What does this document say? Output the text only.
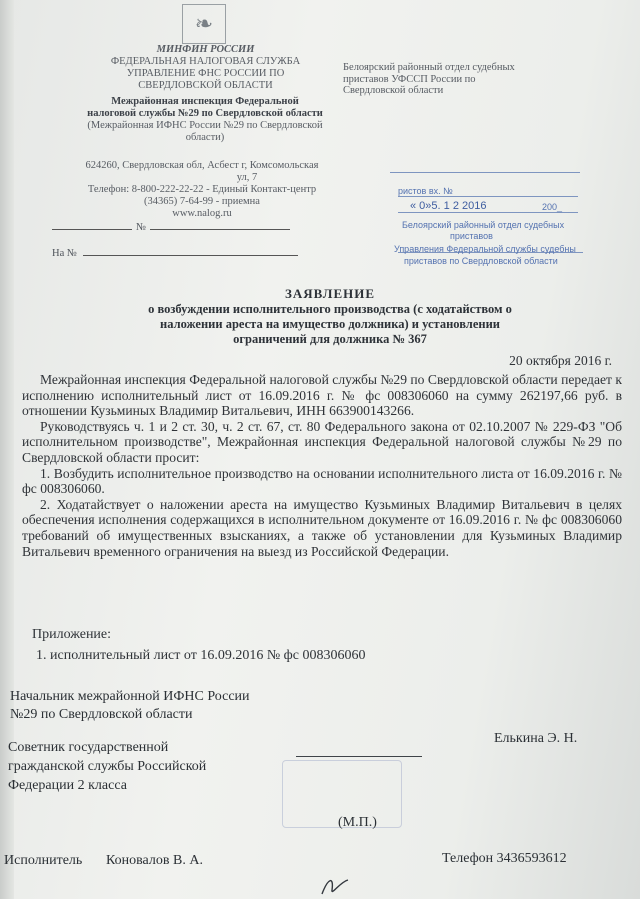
❧
МИНФИН РОССИИ
ФЕДЕРАЛЬНАЯ НАЛОГОВАЯ СЛУЖБА
УПРАВЛЕНИЕ ФНС РОССИИ ПО
СВЕРДЛОВСКОЙ ОБЛАСТИ
Межрайонная инспекция Федеральной
налоговой службы №29 по Свердловской области
(Межрайонная ИФНС России №29 по Свердловской
области)
624260, Свердловская обл, Асбест г, Комсомольская
ул, 7
Телефон: 8-800-222-22-22 - Единый Контакт-центр
(34365) 7-64-99 - приемна
www.nalog.ru
№
На №
Белоярский районный отдел судебных
приставов УФССП России по
Свердловской области
ристов вх. №
« 0»5. 1 2 2016	200_
Белоярский районный отдел судебных
приставов
Управления Федеральной службы судебны
приставов по Свердловской области
ЗАЯВЛЕНИЕ
о возбуждении исполнительного производства (с ходатайством о
наложении ареста на имущество должника) и установлении
ограничений для должника № 367
20 октября 2016 г.

Межрайонная инспекция Федеральной налоговой службы №29 по Свердловской области передает к исполнению исполнительный лист от 16.09.2016 г. № фс 008306060 на сумму 262197,66 руб. в отношении Кузьминых Владимир Витальевич, ИНН 663900143266.

Руководствуясь ч. 1 и 2 ст. 30, ч. 2 ст. 67, ст. 80 Федерального закона от 02.10.2007 № 229-ФЗ "Об исполнительном производстве", Межрайонная инспекция Федеральной налоговой службы №29 по Свердловской области просит:

1. Возбудить исполнительное производство на основании исполнительного листа от 16.09.2016 г. № фс 008306060.

2. Ходатайствует о наложении ареста на имущество Кузьминых Владимир Витальевич в целях обеспечения исполнения содержащихся в исполнительном документе от 16.09.2016 г. № фс 008306060 требований об имущественных взысканиях, а также об установлении для Кузьминых Владимир Витальевич временного ограничения на выезд из Российской Федерации.

Приложение:
1. исполнительный лист от 16.09.2016 № фс 008306060
Начальник межрайонной ИФНС России
№29 по Свердловской области
Советник государственной
гражданской службы Российской
Федерации 2 класса
Елькина Э. Н.
(М.П.)
Исполнитель Коновалов В. А.	Телефон 3436593612
